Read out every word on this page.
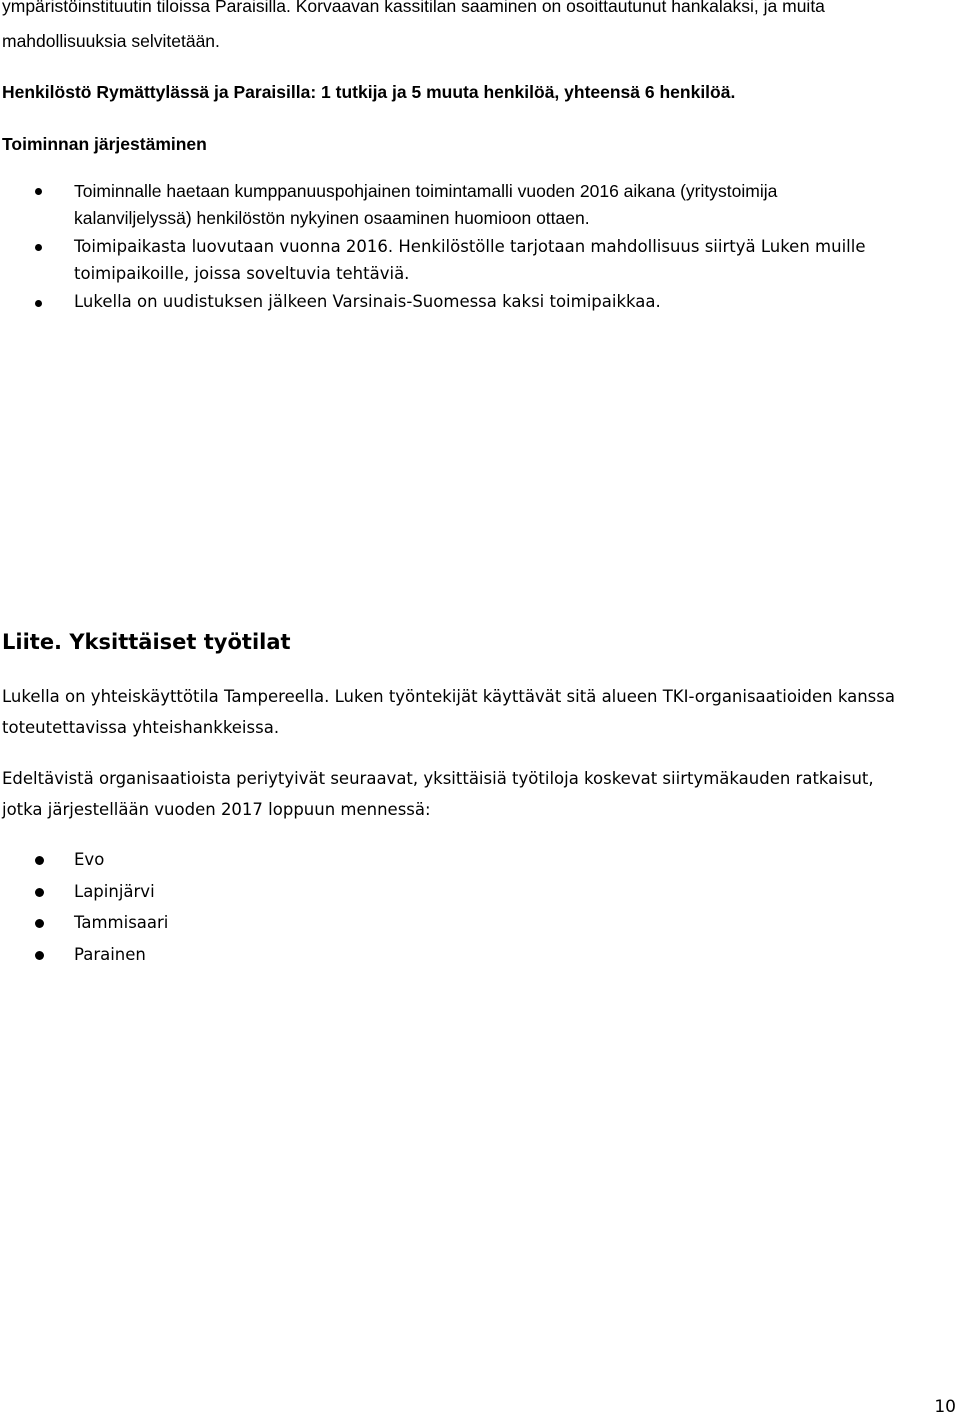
ympäristöinstituutin tiloissa Paraisilla. Korvaavan kassitilan saaminen on osoittautunut hankalaksi, ja muita
mahdollisuuksia selvitetään.
Henkilöstö Rymättylässä ja Paraisilla: 1 tutkija ja 5 muuta henkilöä, yhteensä 6 henkilöä.
Toiminnan järjestäminen
Toiminnalle haetaan kumppanuuspohjainen toimintamalli vuoden 2016 aikana (yritystoimija
kalanviljelyssä) henkilöstön nykyinen osaaminen huomioon ottaen.
Toimipaikasta luovutaan vuonna 2016. Henkilöstölle tarjotaan mahdollisuus siirtyä Luken muille
toimipaikoille, joissa soveltuvia tehtäviä.
Lukella on uudistuksen jälkeen Varsinais-Suomessa kaksi toimipaikkaa.
Liite. Yksittäiset työtilat
Lukella on yhteiskäyttötila Tampereella. Luken työntekijät käyttävät sitä alueen TKI-organisaatioiden kanssa
toteutettavissa yhteishankkeissa.
Edeltävistä organisaatioista periytyivät seuraavat, yksittäisiä työtiloja koskevat siirtymäkauden ratkaisut,
jotka järjestellään vuoden 2017 loppuun mennessä:
Evo
Lapinjärvi
Tammisaari
Parainen
10
